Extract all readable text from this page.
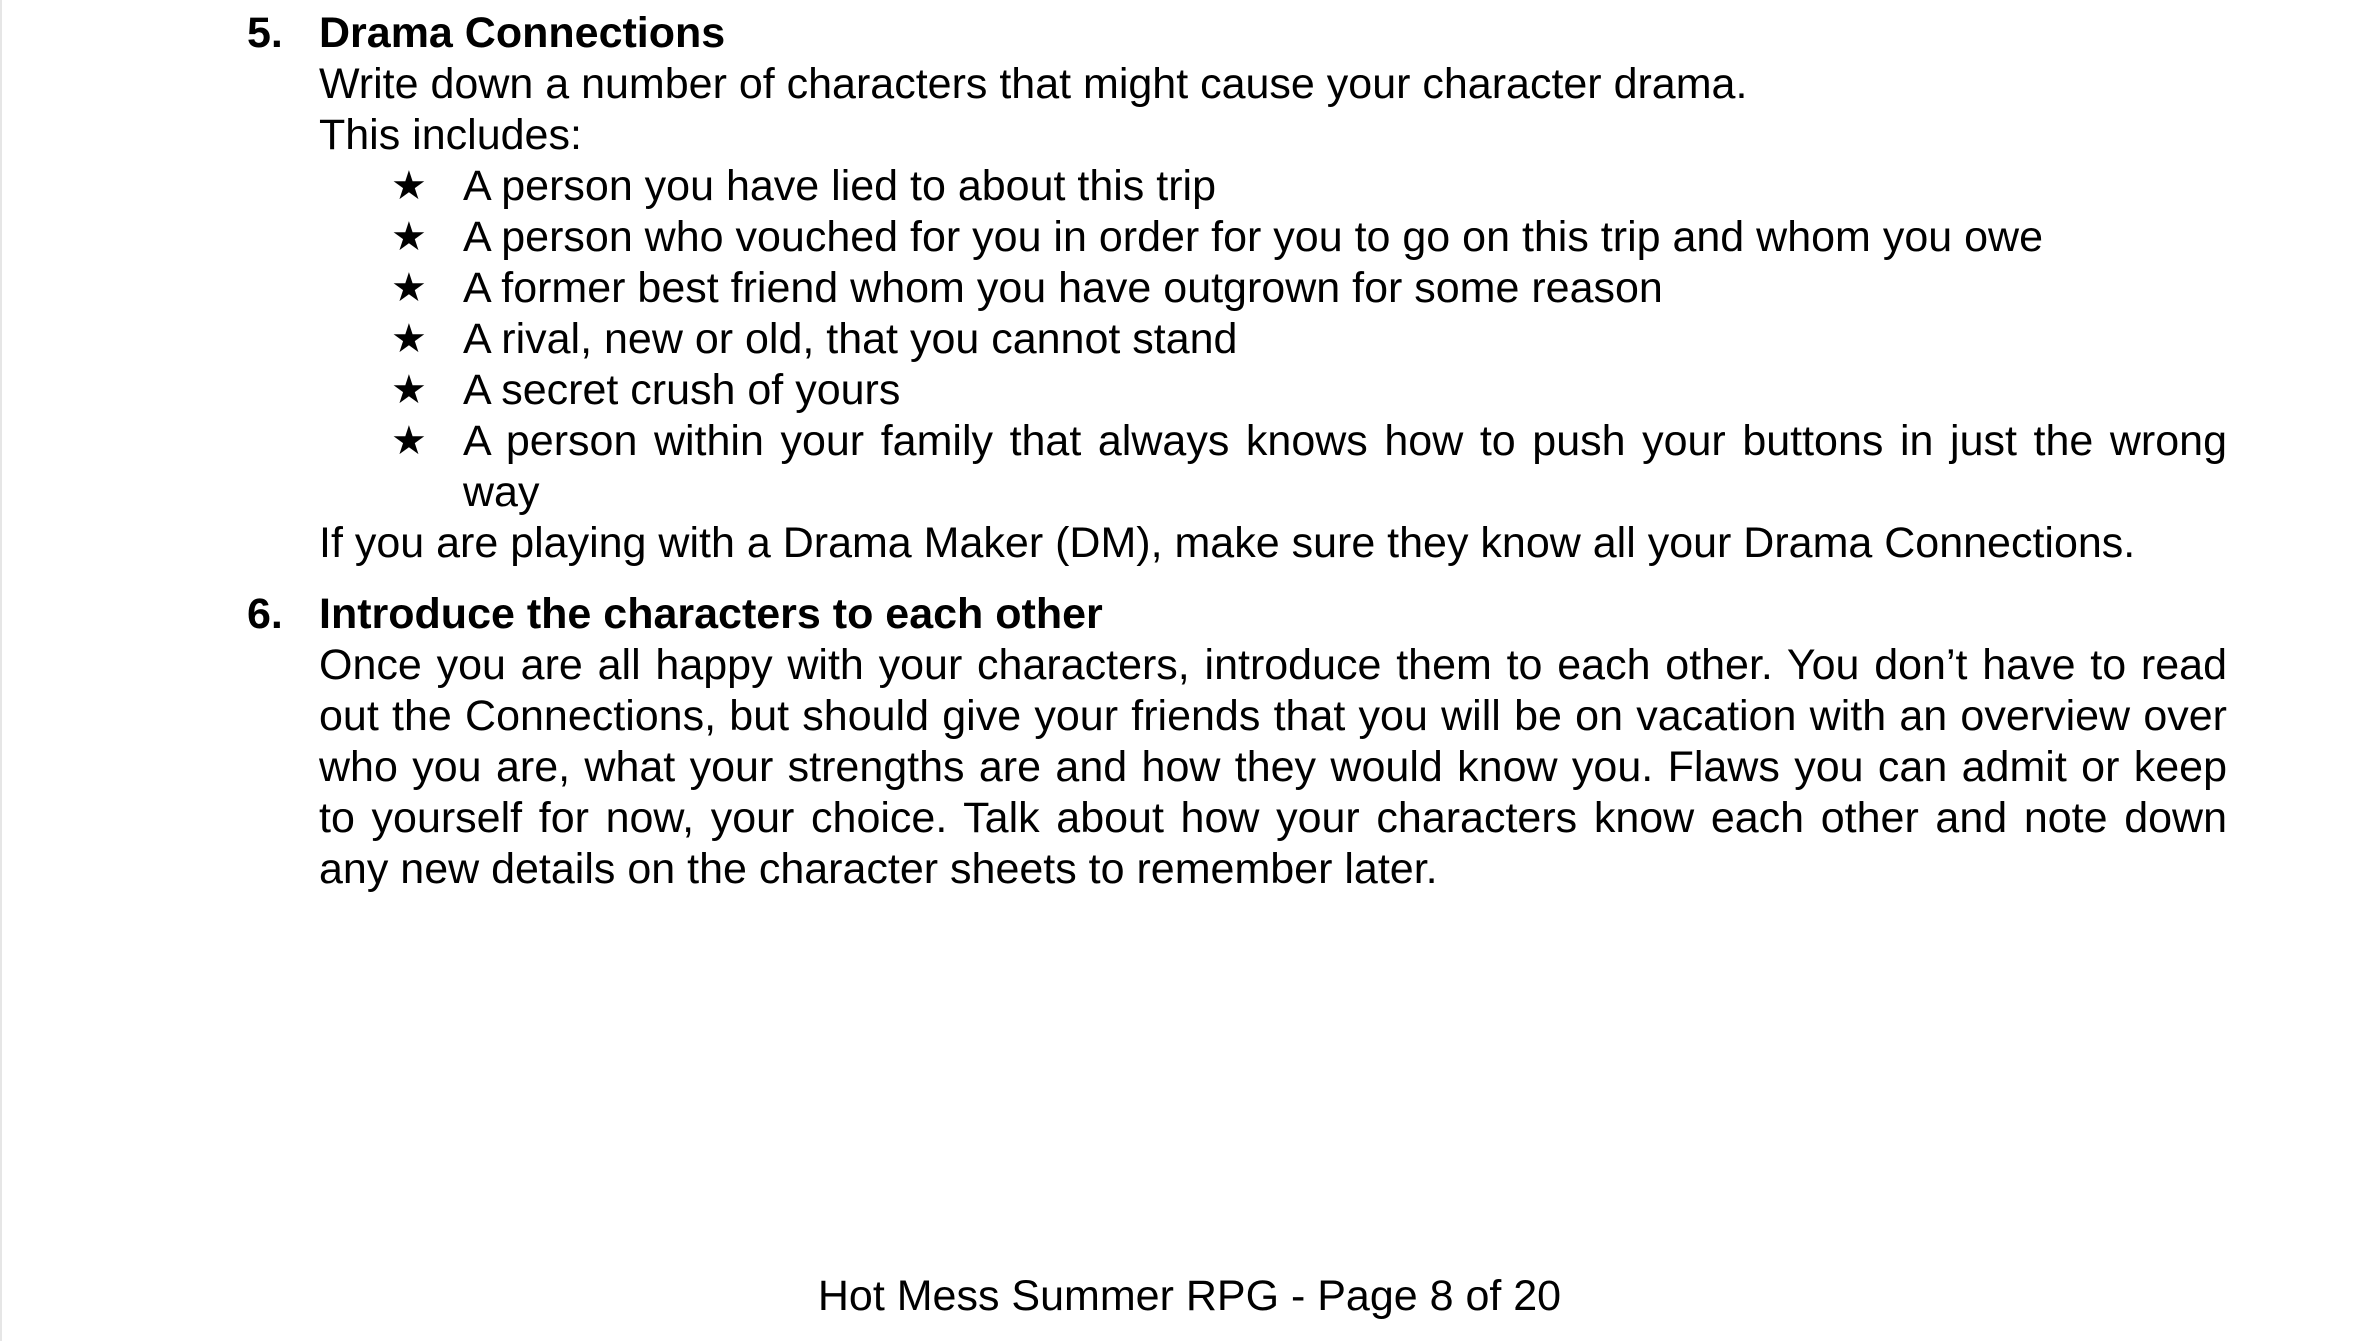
5. Drama Connections

Write down a number of characters that might cause your character drama.

This includes:

★ A person you have lied to about this trip
★ A person who vouched for you in order for you to go on this trip and whom you owe
★ A former best friend whom you have outgrown for some reason
★ A rival, new or old, that you cannot stand
★ A secret crush of yours
★ A person within your family that always knows how to push your buttons in just the wrong way

If you are playing with a Drama Maker (DM), make sure they know all your Drama Connections.

6. Introduce the characters to each other

Once you are all happy with your characters, introduce them to each other. You don’t have to read out the Connections, but should give your friends that you will be on vacation with an overview over who you are, what your strengths are and how they would know you. Flaws you can admit or keep to yourself for now, your choice. Talk about how your characters know each other and note down any new details on the character sheets to remember later.

Hot Mess Summer RPG - Page 8 of 20
